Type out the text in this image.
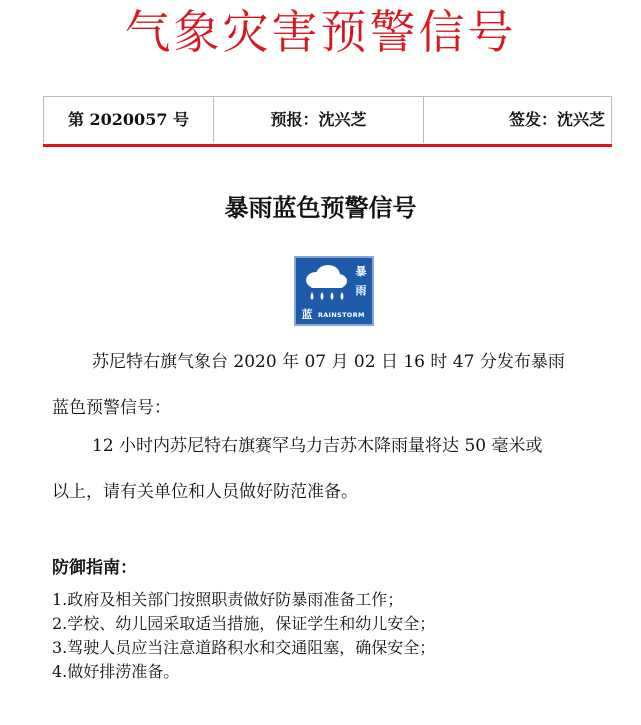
气象灾害预警信号
第 2020057 号	预报：沈兴芝	签发：沈兴芝
暴雨蓝色预警信号
暴
雨
蓝 RAINSTORM
苏尼特右旗气象台 2020 年 07 月 02 日 16 时 47 分发布暴雨
蓝色预警信号：
12 小时内苏尼特右旗赛罕乌力吉苏木降雨量将达 50 毫米或
以上，请有关单位和人员做好防范准备。
防御指南：
1.政府及相关部门按照职责做好防暴雨准备工作；
2.学校、幼儿园采取适当措施，保证学生和幼儿安全；
3.驾驶人员应当注意道路积水和交通阻塞，确保安全；
4.做好排涝准备。
